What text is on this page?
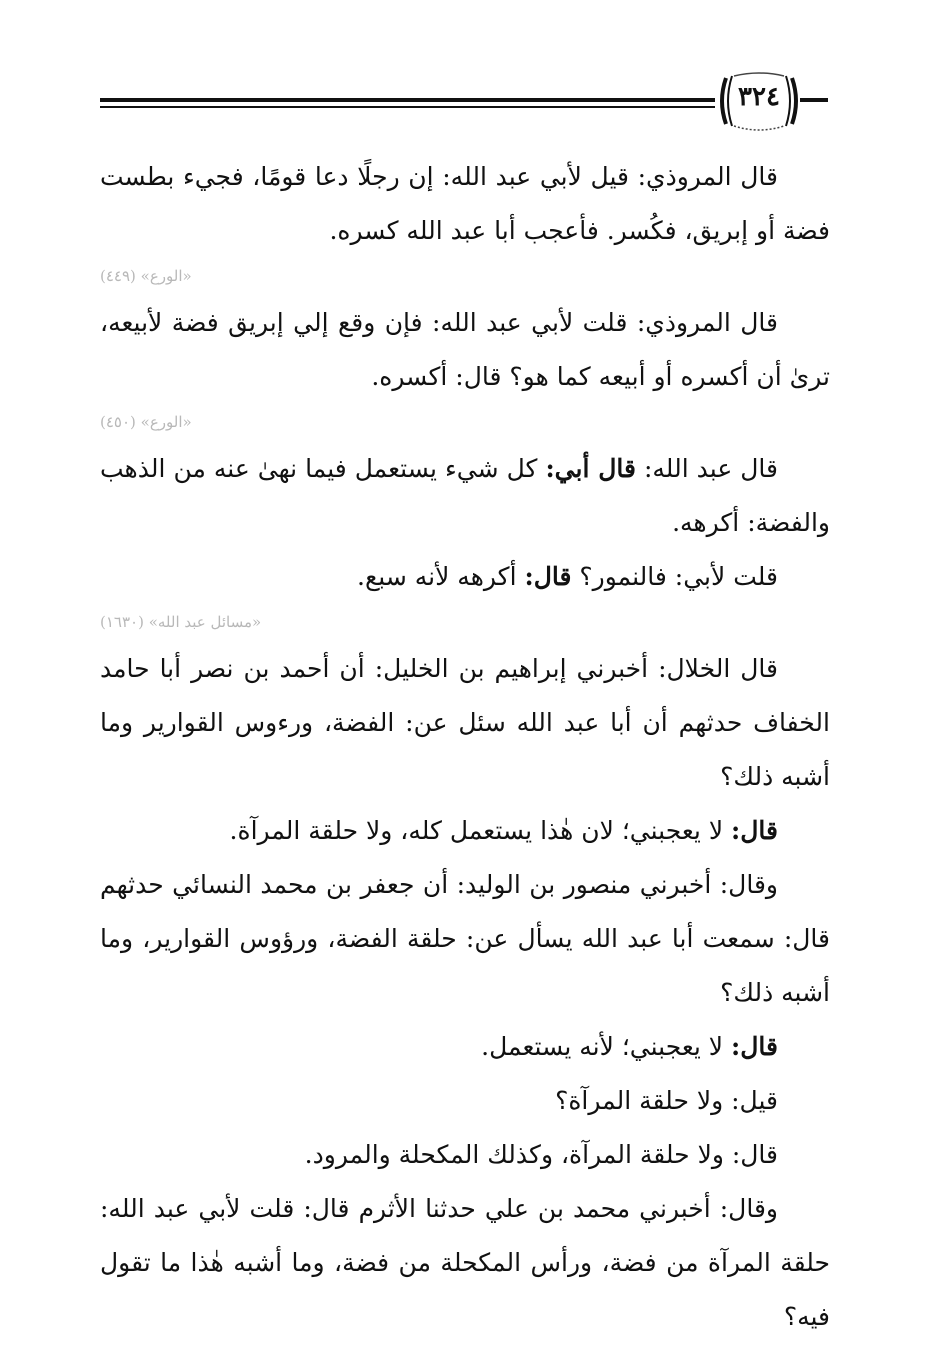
٣٢٤

قال المروذي: قيل لأبي عبد الله: إن رجلًا دعا قومًا، فجيء بطست فضة أو إبريق، فكُسر. فأعجب أبا عبد الله كسره.

«الورع» (٤٤٩)

قال المروذي: قلت لأبي عبد الله: فإن وقع إلي إبريق فضة لأبيعه، ترىٰ أن أكسره أو أبيعه كما هو؟ قال: أكسره.

«الورع» (٤٥٠)

قال عبد الله: قال أبي: كل شيء يستعمل فيما نهىٰ عنه من الذهب والفضة: أكرهه.

قلت لأبي: فالنمور؟ قال: أكرهه لأنه سبع.

«مسائل عبد الله» (١٦٣٠)

قال الخلال: أخبرني إبراهيم بن الخليل: أن أحمد بن نصر أبا حامد الخفاف حدثهم أن أبا عبد الله سئل عن: الفضة، ورءوس القوارير وما أشبه ذلك؟

قال: لا يعجبني؛ لان هٰذا يستعمل كله، ولا حلقة المرآة.

وقال: أخبرني منصور بن الوليد: أن جعفر بن محمد النسائي حدثهم قال: سمعت أبا عبد الله يسأل عن: حلقة الفضة، ورؤوس القوارير، وما أشبه ذلك؟

قال: لا يعجبني؛ لأنه يستعمل.

قيل: ولا حلقة المرآة؟

قال: ولا حلقة المرآة، وكذلك المكحلة والمرود.

وقال: أخبرني محمد بن علي حدثنا الأثرم قال: قلت لأبي عبد الله: حلقة المرآة من فضة، ورأس المكحلة من فضة، وما أشبه هٰذا ما تقول فيه؟
